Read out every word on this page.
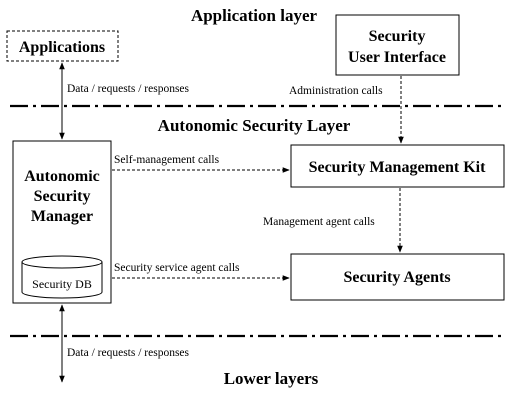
Application layer
Autonomic Security Layer
Lower layers
Applications
Security
User Interface
Autonomic
Security
Manager
Security DB
Security Management Kit
Security Agents
Data / requests / responses	Administration calls
Self-management calls
Management agent calls
Security service agent calls
Data / requests / responses
